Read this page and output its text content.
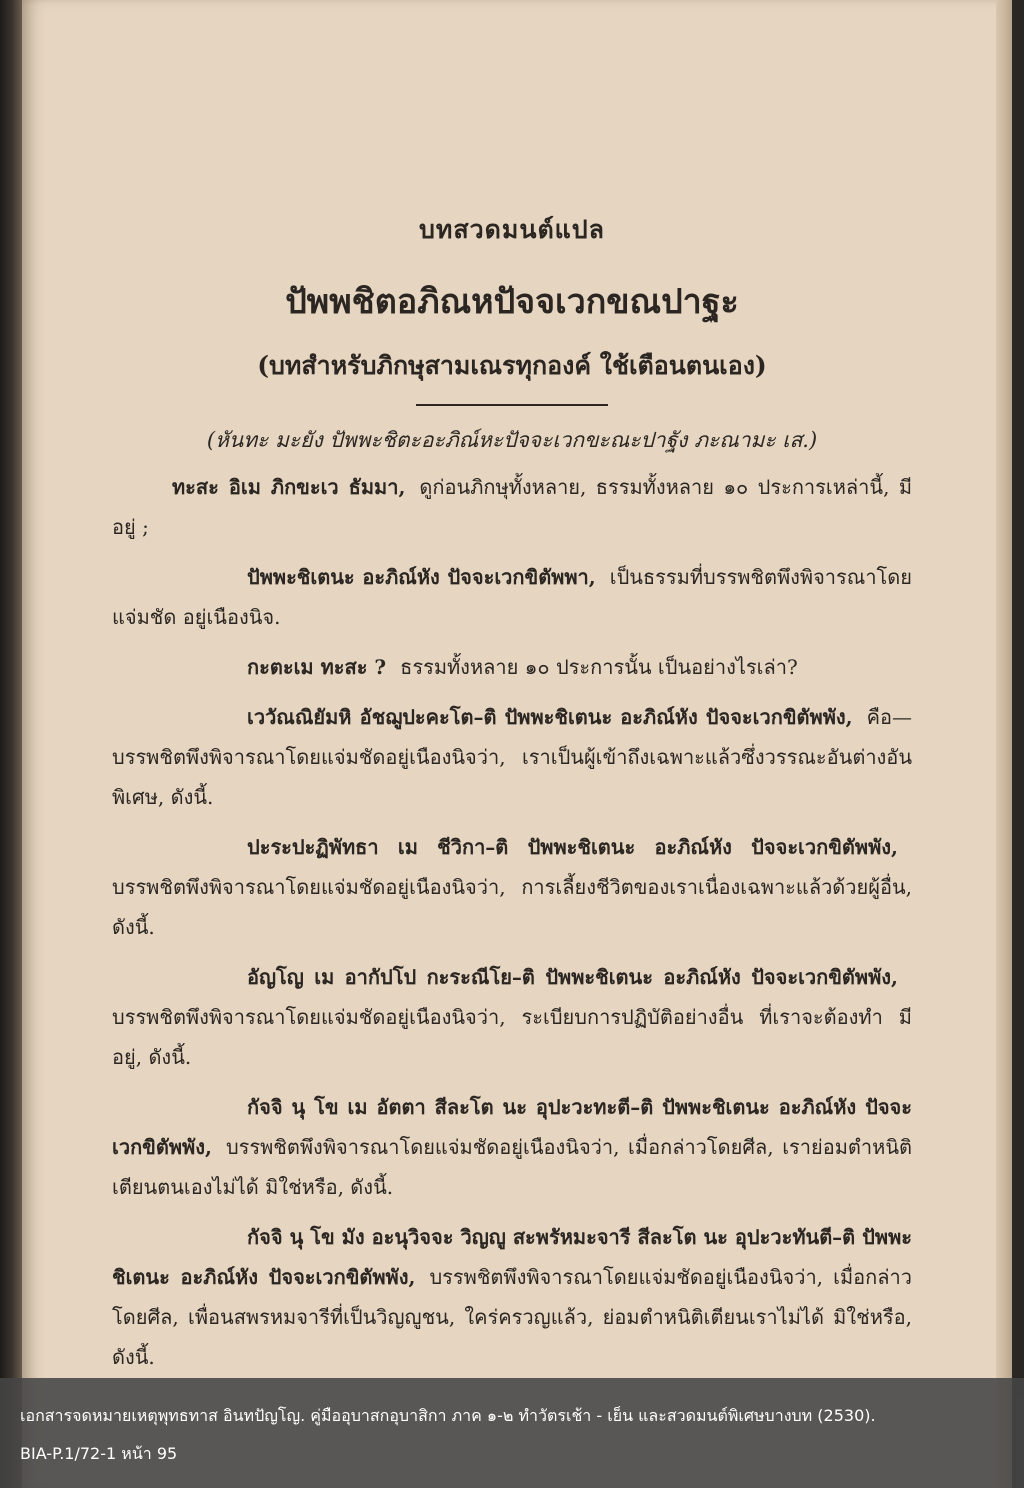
บทสวดมนต์แปล
ปัพพชิตอภิณหปัจจเวกขณปาฐะ
(บทสำหรับภิกษุสามเณรทุกองค์ ใช้เตือนตนเอง)

(หันทะ มะยัง ปัพพะชิตะอะภิณ์หะปัจจะเวกขะณะปาฐัง ภะณามะ เส.)

ทะสะ อิเม ภิกขะเว ธัมมา, ดูก่อนภิกษุทั้งหลาย, ธรรมทั้งหลาย ๑๐ ประการเหล่านี้, มีอยู่ ;

ปัพพะชิเตนะ อะภิณ์หัง ปัจจะเวกขิตัพพา, เป็นธรรมที่บรรพชิตพึงพิจารณาโดยแจ่มชัด อยู่เนืองนิจ.

กะตะเม ทะสะ ? ธรรมทั้งหลาย ๑๐ ประการนั้น เป็นอย่างไรเล่า?

เววัณณิยัมหิ อัชฌูปะคะโต–ติ ปัพพะชิเตนะ อะภิณ์หัง ปัจจะเวกขิตัพพัง, คือ— บรรพชิตพึงพิจารณาโดยแจ่มชัดอยู่เนืองนิจว่า, เราเป็นผู้เข้าถึงเฉพาะแล้วซึ่งวรรณะอันต่างอันพิเศษ, ดังนี้.

ปะระปะฏิพัทธา เม ชีวิกา–ติ ปัพพะชิเตนะ อะภิณ์หัง ปัจจะเวกขิตัพพัง,บรรพชิตพึงพิจารณาโดยแจ่มชัดอยู่เนืองนิจว่า, การเลี้ยงชีวิตของเราเนื่องเฉพาะแล้วด้วยผู้อื่น, ดังนี้.

อัญโญ เม อากัปโป กะระณีโย–ติ ปัพพะชิเตนะ อะภิณ์หัง ปัจจะเวกขิตัพพัง,บรรพชิตพึงพิจารณาโดยแจ่มชัดอยู่เนืองนิจว่า, ระเบียบการปฏิบัติอย่างอื่น ที่เราจะต้องทำ มีอยู่, ดังนี้.

กัจจิ นุ โข เม อัตตา สีละโต นะ อุปะวะทะตี–ติ ปัพพะชิเตนะ อะภิณ์หัง ปัจจะเวกขิตัพพัง, บรรพชิตพึงพิจารณาโดยแจ่มชัดอยู่เนืองนิจว่า, เมื่อกล่าวโดยศีล, เราย่อมตำหนิติเตียนตนเองไม่ได้ มิใช่หรือ, ดังนี้.

กัจจิ นุ โข มัง อะนุวิจจะ วิญญู สะพรัหมะจารี สีละโต นะ อุปะวะทันตี–ติ ปัพพะชิเตนะ อะภิณ์หัง ปัจจะเวกขิตัพพัง, บรรพชิตพึงพิจารณาโดยแจ่มชัดอยู่เนืองนิจว่า, เมื่อกล่าวโดยศีล, เพื่อนสพรหมจารีที่เป็นวิญญูชน, ใคร่ครวญแล้ว, ย่อมตำหนิติเตียนเราไม่ได้ มิใช่หรือ, ดังนี้.

เอกสารจดหมายเหตุพุทธทาส อินทปัญโญ. คู่มืออุบาสกอุบาสิกา ภาค ๑-๒ ทำวัตรเช้า - เย็น และสวดมนต์พิเศษบางบท (2530).
BIA-P.1/72-1 หน้า 95
